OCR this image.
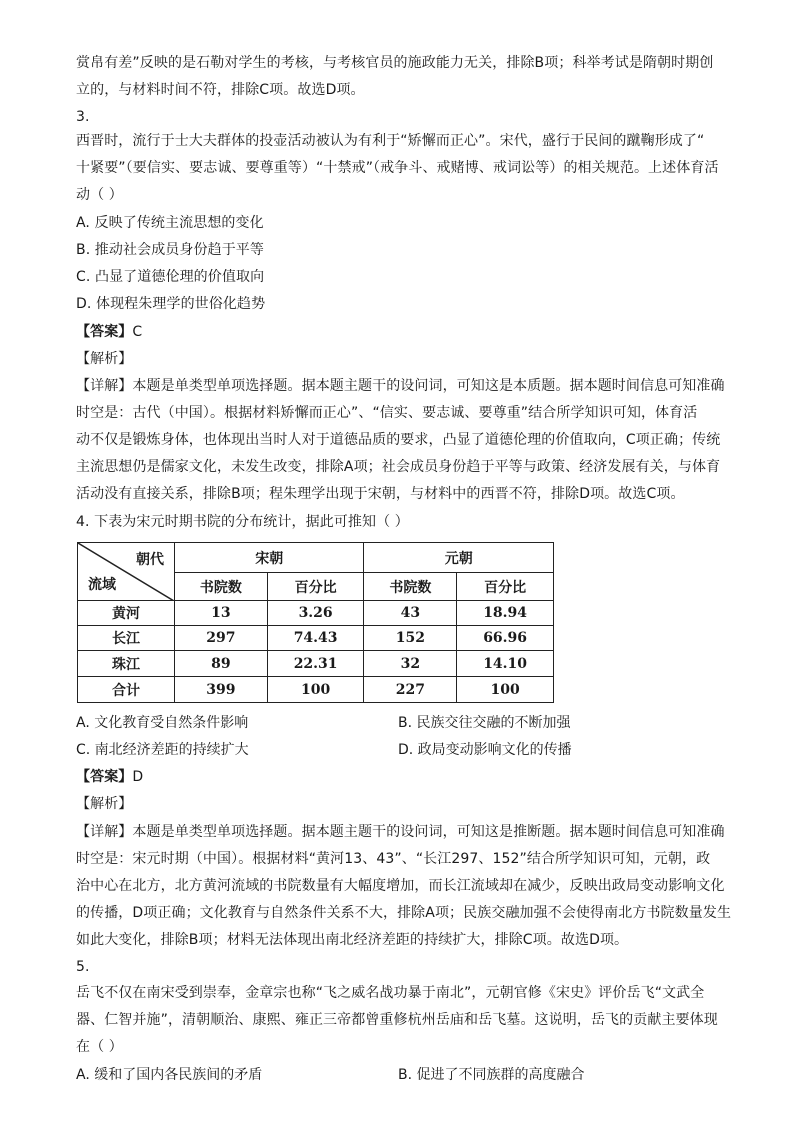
赏帛有差”反映的是石勒对学生的考核，与考核官员的施政能力无关，排除B项；科举考试是隋朝时期创
立的，与材料时间不符，排除C项。故选D项。
3.
西晋时，流行于士大夫群体的投壶活动被认为有利于“矫懈而正心”。宋代，盛行于民间的蹴鞠形成了“
十紧要”（要信实、要志诚、要尊重等）“十禁戒”（戒争斗、戒赌博、戒词讼等）的相关规范。上述体育活
动（ ）
A. 反映了传统主流思想的变化
B. 推动社会成员身份趋于平等
C. 凸显了道德伦理的价值取向
D. 体现程朱理学的世俗化趋势
【答案】C
【解析】
【详解】本题是单类型单项选择题。据本题主题干的设问词，可知这是本质题。据本题时间信息可知准确
时空是：古代（中国）。根据材料矫懈而正心”、“信实、要志诚、要尊重”结合所学知识可知，体育活
动不仅是锻炼身体，也体现出当时人对于道德品质的要求，凸显了道德伦理的价值取向，C项正确；传统
主流思想仍是儒家文化，未发生改变，排除A项；社会成员身份趋于平等与政策、经济发展有关，与体育
活动没有直接关系，排除B项；程朱理学出现于宋朝，与材料中的西晋不符，排除D项。故选C项。
4. 下表为宋元时期书院的分布统计，据此可推知（ ）
朝代
流域	宋朝		元朝	
	书院数	百分比	书院数	百分比
黄河	13	3.26	43	18.94
长江	297	74.43	152	66.96
珠江	89	22.31	32	14.10
合计	399	100	227	100
A. 文化教育受自然条件影响	B. 民族交往交融的不断加强
C. 南北经济差距的持续扩大	D. 政局变动影响文化的传播
【答案】D
【解析】
【详解】本题是单类型单项选择题。据本题主题干的设问词，可知这是推断题。据本题时间信息可知准确
时空是：宋元时期（中国）。根据材料“黄河13、43”、“长江297、152”结合所学知识可知，元朝，政
治中心在北方，北方黄河流域的书院数量有大幅度增加，而长江流域却在减少，反映出政局变动影响文化
的传播，D项正确；文化教育与自然条件关系不大，排除A项；民族交融加强不会使得南北方书院数量发生
如此大变化，排除B项；材料无法体现出南北经济差距的持续扩大，排除C项。故选D项。
5.
岳飞不仅在南宋受到崇奉，金章宗也称“飞之威名战功暴于南北”，元朝官修《宋史》评价岳飞“文武全
器、仁智并施”，清朝顺治、康熙、雍正三帝都曾重修杭州岳庙和岳飞墓。这说明，岳飞的贡献主要体现
在（ ）
A. 缓和了国内各民族间的矛盾	B. 促进了不同族群的高度融合
